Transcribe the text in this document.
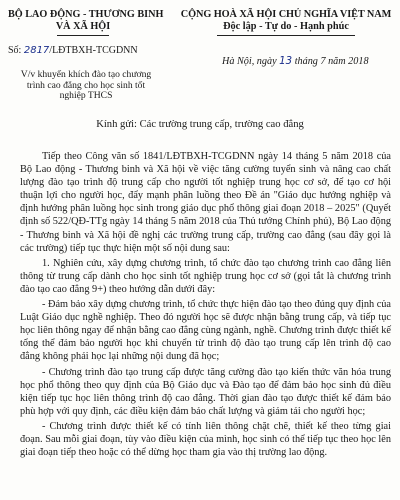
BỘ LAO ĐỘNG - THƯƠNG BINH
VÀ XÃ HỘI
CỘNG HOÀ XÃ HỘI CHỦ NGHĨA VIỆT NAM
Độc lập - Tự do - Hạnh phúc
Số: 2817/LĐTBXH-TCGDNN
Hà Nội, ngày 13 tháng 7 năm 2018
V/v khuyến khích đào tạo chương trình cao đẳng cho học sinh tốt nghiệp THCS
Kính gửi: Các trường trung cấp, trường cao đẳng

Tiếp theo Công văn số 1841/LĐTBXH-TCGDNN ngày 14 tháng 5 năm 2018 của Bộ Lao động - Thương binh và Xã hội về việc tăng cường tuyển sinh và nâng cao chất lượng đào tạo trình độ trung cấp cho người tốt nghiệp trung học cơ sở, để tạo cơ hội thuận lợi cho người học, đẩy mạnh phân luồng theo Đề án "Giáo dục hướng nghiệp và định hướng phân luồng học sinh trong giáo dục phổ thông giai đoạn 2018 – 2025" (Quyết định số 522/QĐ-TTg ngày 14 tháng 5 năm 2018 của Thủ tướng Chính phủ), Bộ Lao động - Thương binh và Xã hội đề nghị các trường trung cấp, trường cao đẳng (sau đây gọi là các trường) tiếp tục thực hiện một số nội dung sau:

1. Nghiên cứu, xây dựng chương trình, tổ chức đào tạo chương trình cao đẳng liên thông từ trung cấp dành cho học sinh tốt nghiệp trung học cơ sở (gọi tắt là chương trình đào tạo cao đẳng 9+) theo hướng dẫn dưới đây:

- Đảm bảo xây dựng chương trình, tổ chức thực hiện đào tạo theo đúng quy định của Luật Giáo dục nghề nghiệp. Theo đó người học sẽ được nhận bằng trung cấp, và tiếp tục học liên thông ngay để nhận bằng cao đẳng cùng ngành, nghề. Chương trình được thiết kế tổng thể đảm bảo người học khi chuyển từ trình độ đào tạo trung cấp lên trình độ cao đẳng không phải học lại những nội dung đã học;

- Chương trình đào tạo trung cấp được tăng cường đào tạo kiến thức văn hóa trung học phổ thông theo quy định của Bộ Giáo dục và Đào tạo để đảm bảo học sinh đủ điều kiện tiếp tục học liên thông trình độ cao đẳng. Thời gian đào tạo được thiết kế đảm bảo phù hợp với quy định, các điều kiện đảm bảo chất lượng và giảm tải cho người học;

- Chương trình được thiết kế có tính liên thông chặt chẽ, thiết kế theo từng giai đoạn. Sau mỗi giai đoạn, tùy vào điều kiện của mình, học sinh có thể tiếp tục theo học lên giai đoạn tiếp theo hoặc có thể dừng học tham gia vào thị trường lao động.
